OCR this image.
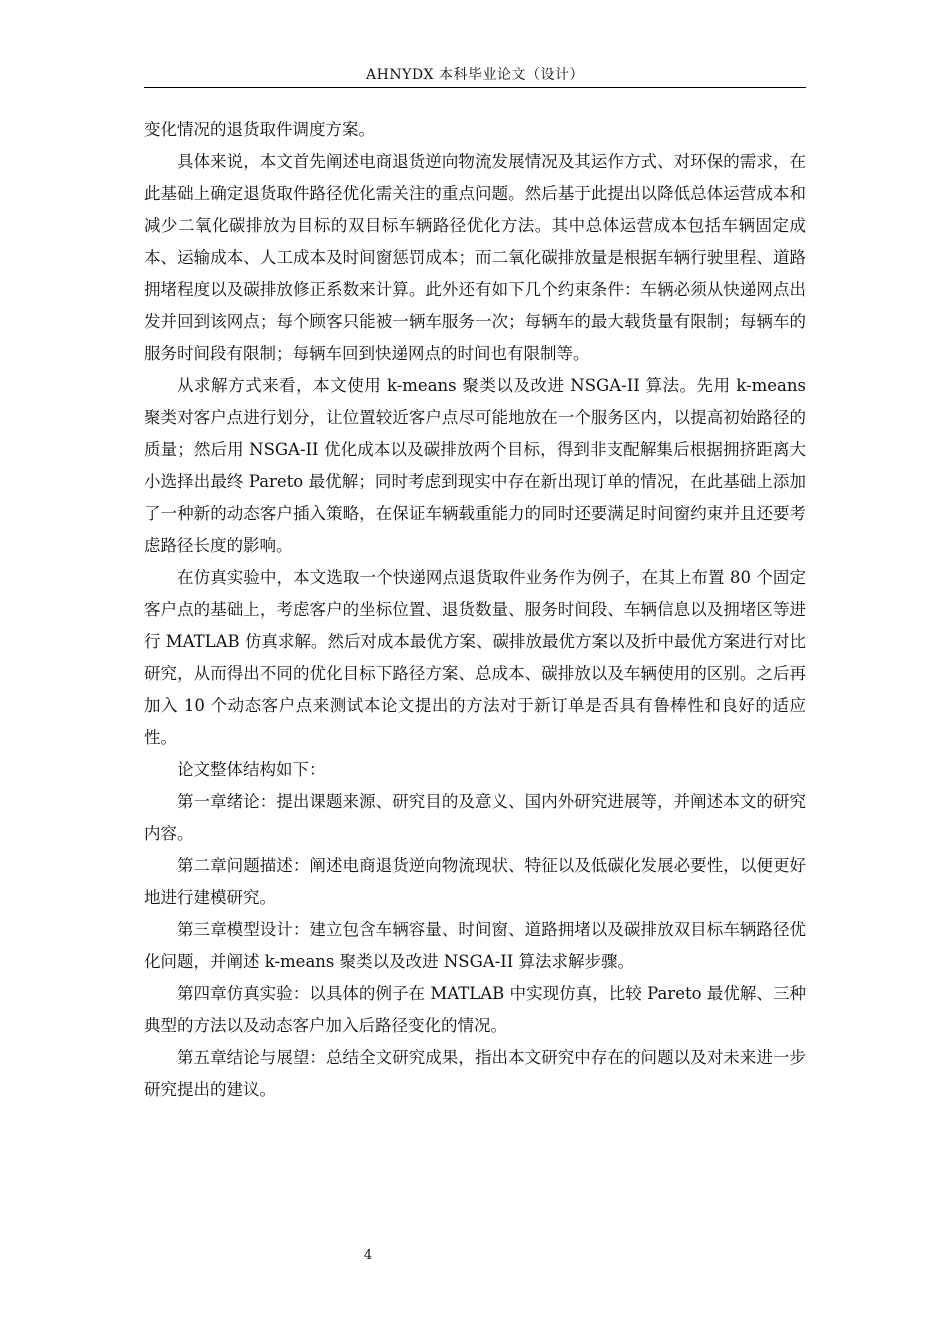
AHNYDX 本科毕业论文（设计）

变化情况的退货取件调度方案。

具体来说，本文首先阐述电商退货逆向物流发展情况及其运作方式、对环保的需求，在此基础上确定退货取件路径优化需关注的重点问题。然后基于此提出以降低总体运营成本和减少二氧化碳排放为目标的双目标车辆路径优化方法。其中总体运营成本包括车辆固定成本、运输成本、人工成本及时间窗惩罚成本；而二氧化碳排放量是根据车辆行驶里程、道路拥堵程度以及碳排放修正系数来计算。此外还有如下几个约束条件：车辆必须从快递网点出发并回到该网点；每个顾客只能被一辆车服务一次；每辆车的最大载货量有限制；每辆车的服务时间段有限制；每辆车回到快递网点的时间也有限制等。

从求解方式来看，本文使用 k-means 聚类以及改进 NSGA-II 算法。先用 k-means 聚类对客户点进行划分，让位置较近客户点尽可能地放在一个服务区内，以提高初始路径的质量；然后用 NSGA-II 优化成本以及碳排放两个目标，得到非支配解集后根据拥挤距离大小选择出最终 Pareto 最优解；同时考虑到现实中存在新出现订单的情况，在此基础上添加了一种新的动态客户插入策略，在保证车辆载重能力的同时还要满足时间窗约束并且还要考虑路径长度的影响。

在仿真实验中，本文选取一个快递网点退货取件业务作为例子，在其上布置 80 个固定客户点的基础上，考虑客户的坐标位置、退货数量、服务时间段、车辆信息以及拥堵区等进行 MATLAB 仿真求解。然后对成本最优方案、碳排放最优方案以及折中最优方案进行对比研究，从而得出不同的优化目标下路径方案、总成本、碳排放以及车辆使用的区别。之后再加入 10 个动态客户点来测试本论文提出的方法对于新订单是否具有鲁棒性和良好的适应性。

论文整体结构如下：

第一章绪论：提出课题来源、研究目的及意义、国内外研究进展等，并阐述本文的研究内容。

第二章问题描述：阐述电商退货逆向物流现状、特征以及低碳化发展必要性，以便更好地进行建模研究。

第三章模型设计：建立包含车辆容量、时间窗、道路拥堵以及碳排放双目标车辆路径优化问题，并阐述 k-means 聚类以及改进 NSGA-II 算法求解步骤。

第四章仿真实验：以具体的例子在 MATLAB 中实现仿真，比较 Pareto 最优解、三种典型的方法以及动态客户加入后路径变化的情况。

第五章结论与展望：总结全文研究成果，指出本文研究中存在的问题以及对未来进一步研究提出的建议。

4
